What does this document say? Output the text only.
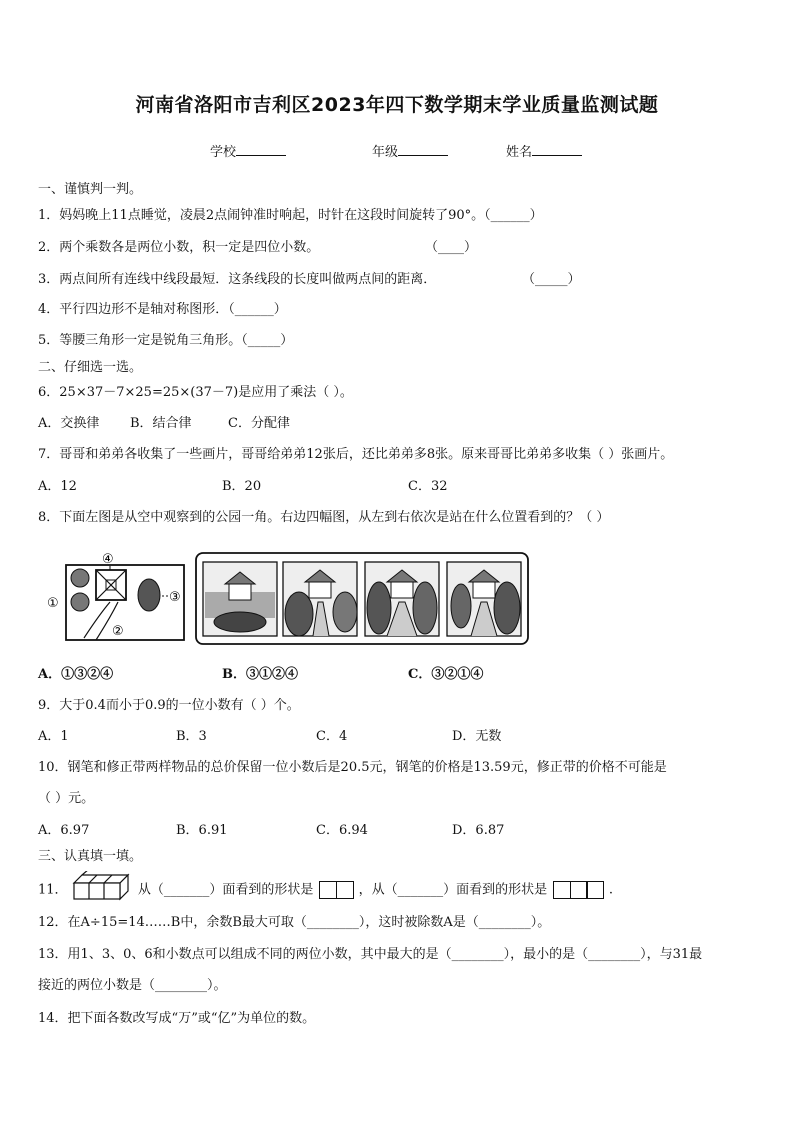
河南省洛阳市吉利区2023年四下数学期末学业质量监测试题
学校	年级	姓名
一、谨慎判一判。
1．妈妈晚上11点睡觉，凌晨2点闹钟准时响起，时针在这段时间旋转了90°。（______）
2．两个乘数各是两位小数，积一定是四位小数。	（____）
3．两点间所有连线中线段最短．这条线段的长度叫做两点间的距离．	（_____）
4．平行四边形不是轴对称图形．（______）
5．等腰三角形一定是锐角三角形。（_____）
二、仔细选一选。
6．25×37－7×25=25×(37－7)是应用了乘法（ ）。
A．交换律 B．结合律	C．分配律
7．哥哥和弟弟各收集了一些画片，哥哥给弟弟12张后，还比弟弟多8张。原来哥哥比弟弟多收集（ ）张画片。
A．12	B．20	C．32
8．下面左图是从空中观察到的公园一角。右边四幅图，从左到右依次是站在什么位置看到的？（ ）
①
②
③
④
A．①③②④	B．③①②④	C．③②①④
9．大于0.4而小于0.9的一位小数有（ ）个。
A．1	B．3	C．4	D．无数
10．钢笔和修正带两样物品的总价保留一位小数后是20.5元，钢笔的价格是13.59元，修正带的价格不可能是
（ ）元。
A．6.97	B．6.91	C．6.94	D．6.87
三、认真填一填。
11．	从（_______）面看到的形状是	，从（_______）面看到的形状是	.
12．在A÷15=14……B中，余数B最大可取（________），这时被除数A是（________）。
13．用1、3、0、6和小数点可以组成不同的两位小数，其中最大的是（________），最小的是（________），与31最
接近的两位小数是（________）。
14．把下面各数改写成“万”或“亿”为单位的数。
